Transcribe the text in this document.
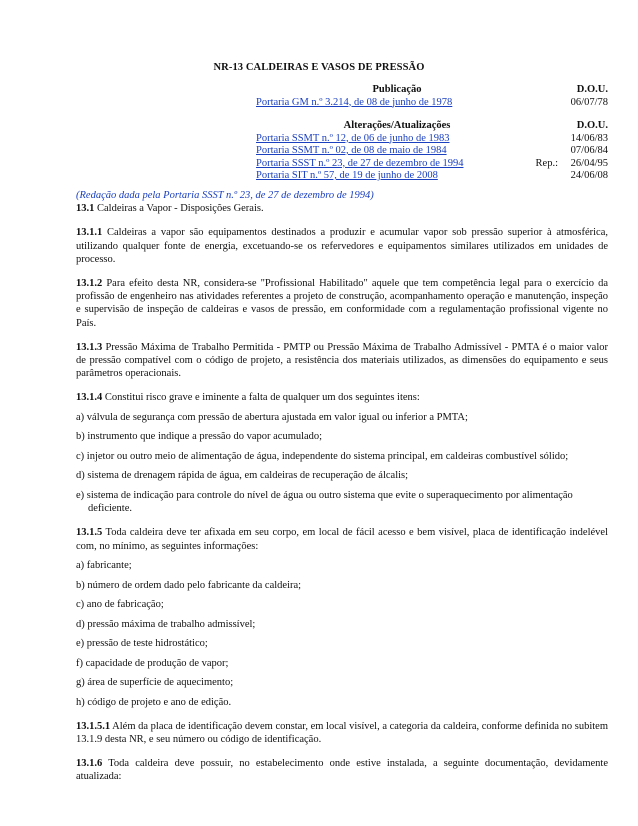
NR-13 CALDEIRAS E VASOS DE PRESSÃO
Publicação	D.O.U.
Portaria GM n.º 3.214, de 08 de junho de 1978	06/07/78
Alterações/Atualizações	D.O.U.
Portaria SSMT n.º 12, de 06 de junho de 1983	14/06/83
Portaria SSMT n.º 02, de 08 de maio de 1984	07/06/84
Portaria SSST n.º 23, de 27 de dezembro de 1994	Rep.: 26/04/95
Portaria SIT n.º 57, de 19 de junho de 2008	24/06/08

(Redação dada pela Portaria SSST n.º 23, de 27 de dezembro de 1994)

13.1 Caldeiras a Vapor - Disposições Gerais.

13.1.1 Caldeiras a vapor são equipamentos destinados a produzir e acumular vapor sob pressão superior à atmosférica, utilizando qualquer fonte de energia, excetuando-se os refervedores e equipamentos similares utilizados em unidades de processo.

13.1.2 Para efeito desta NR, considera-se "Profissional Habilitado" aquele que tem competência legal para o exercício da profissão de engenheiro nas atividades referentes a projeto de construção, acompanhamento operação e manutenção, inspeção e supervisão de inspeção de caldeiras e vasos de pressão, em conformidade com a regulamentação profissional vigente no País.

13.1.3 Pressão Máxima de Trabalho Permitida - PMTP ou Pressão Máxima de Trabalho Admissível - PMTA é o maior valor de pressão compatível com o código de projeto, a resistência dos materiais utilizados, as dimensões do equipamento e seus parâmetros operacionais.

13.1.4 Constitui risco grave e iminente a falta de qualquer um dos seguintes itens:

a) válvula de segurança com pressão de abertura ajustada em valor igual ou inferior a PMTA;

b) instrumento que indique a pressão do vapor acumulado;

c) injetor ou outro meio de alimentação de água, independente do sistema principal, em caldeiras combustível sólido;

d) sistema de drenagem rápida de água, em caldeiras de recuperação de álcalis;

e) sistema de indicação para controle do nível de água ou outro sistema que evite o superaquecimento por alimentação deficiente.

13.1.5 Toda caldeira deve ter afixada em seu corpo, em local de fácil acesso e bem visível, placa de identificação indelével com, no mínimo, as seguintes informações:

a) fabricante;

b) número de ordem dado pelo fabricante da caldeira;

c) ano de fabricação;

d) pressão máxima de trabalho admissível;

e) pressão de teste hidrostático;

f) capacidade de produção de vapor;

g) área de superfície de aquecimento;

h) código de projeto e ano de edição.

13.1.5.1 Além da placa de identificação devem constar, em local visível, a categoria da caldeira, conforme definida no subitem 13.1.9 desta NR, e seu número ou código de identificação.

13.1.6 Toda caldeira deve possuir, no estabelecimento onde estive instalada, a seguinte documentação, devidamente atualizada:
